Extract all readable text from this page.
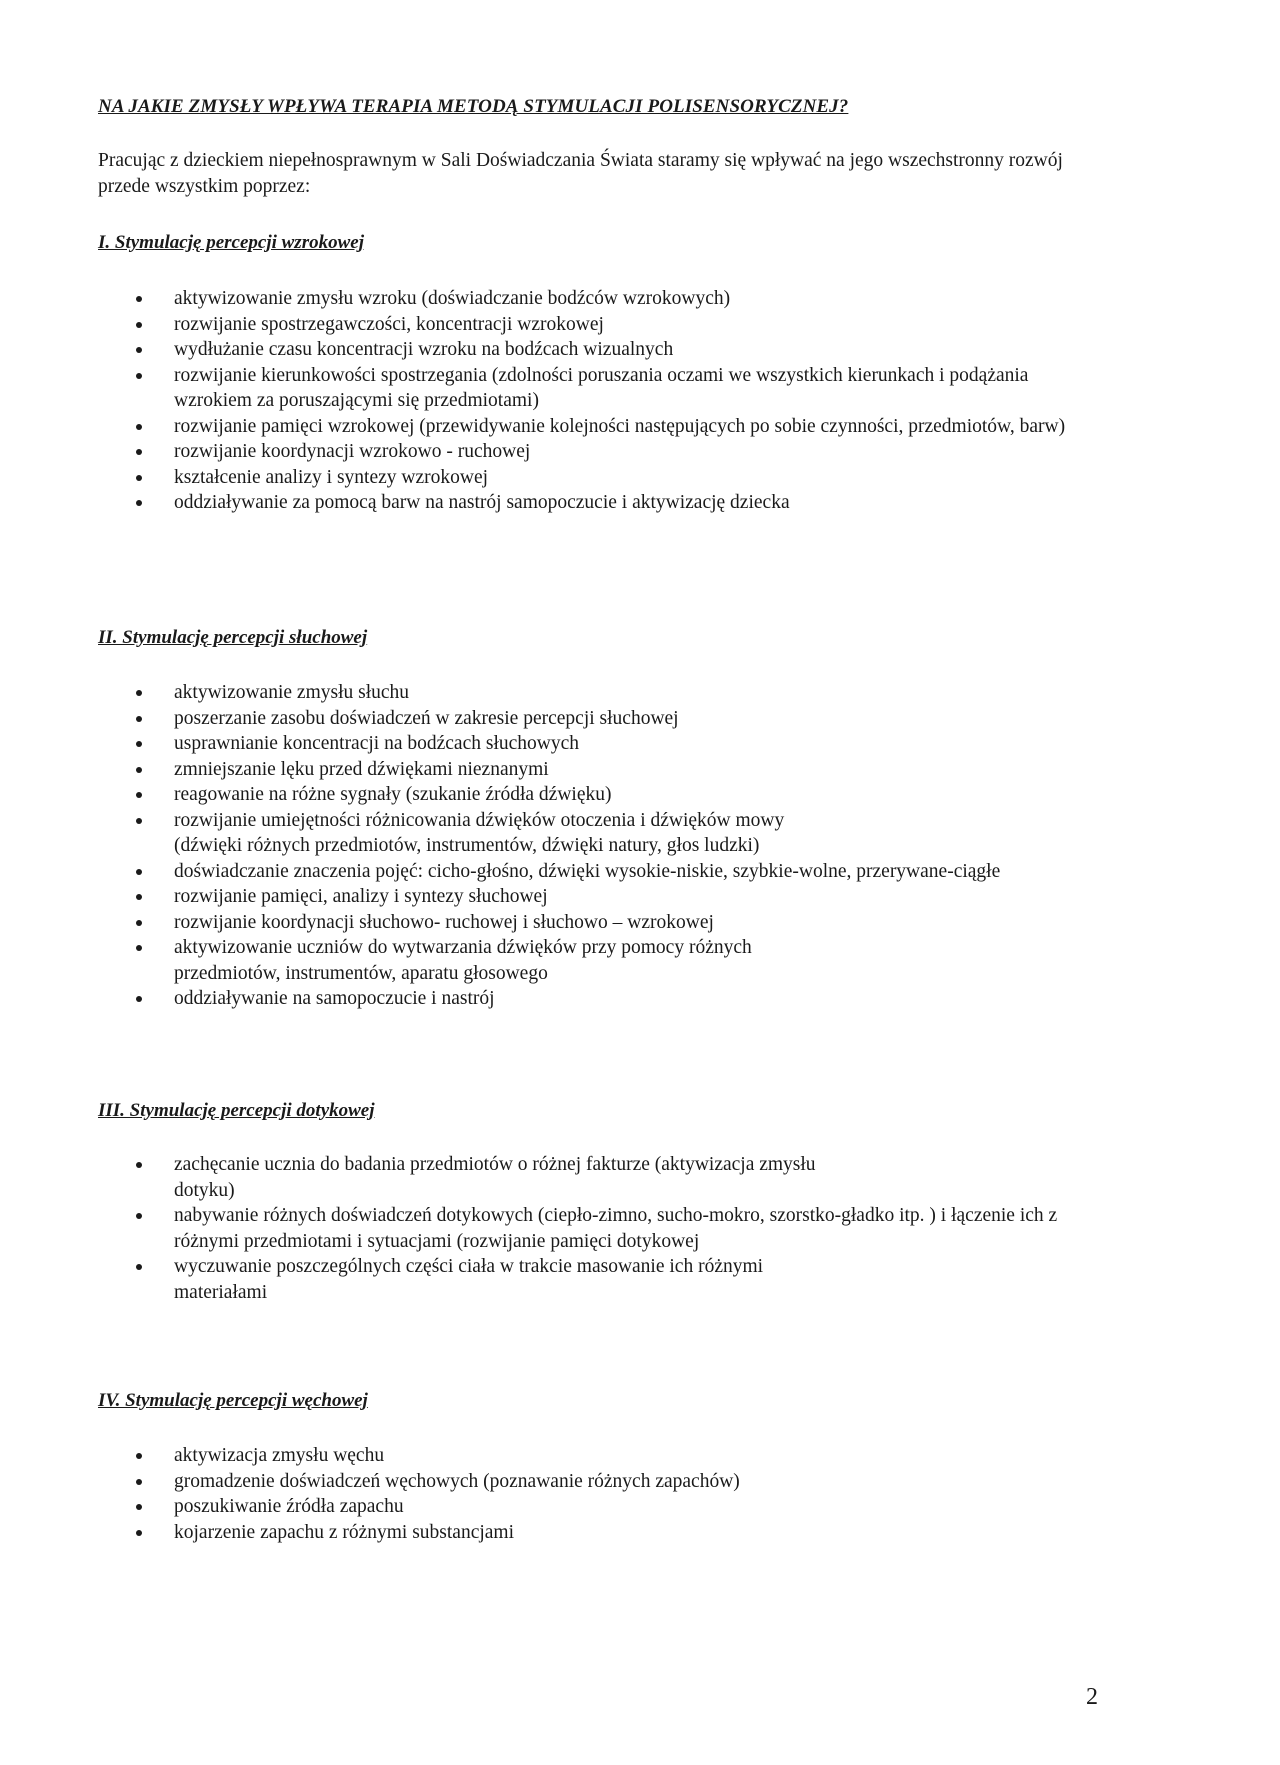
NA JAKIE ZMYSŁY WPŁYWA TERAPIA METODĄ STYMULACJI POLISENSORYCZNEJ?
Pracując z dzieckiem niepełnosprawnym w Sali Doświadczania Świata staramy się wpływać na jego wszechstronny rozwój przede wszystkim poprzez:
I. Stymulację percepcji wzrokowej
aktywizowanie zmysłu wzroku (doświadczanie bodźców wzrokowych)
rozwijanie spostrzegawczości, koncentracji wzrokowej
wydłużanie czasu koncentracji wzroku na bodźcach wizualnych
rozwijanie kierunkowości spostrzegania (zdolności poruszania oczami we wszystkich kierunkach i podążania wzrokiem za poruszającymi się przedmiotami)
rozwijanie pamięci wzrokowej (przewidywanie kolejności następujących po sobie czynności, przedmiotów, barw)
rozwijanie koordynacji wzrokowo - ruchowej
kształcenie analizy i syntezy wzrokowej
oddziaływanie za pomocą barw na nastrój samopoczucie i aktywizację dziecka
II. Stymulację percepcji słuchowej
aktywizowanie zmysłu słuchu
poszerzanie zasobu doświadczeń w zakresie percepcji słuchowej
usprawnianie koncentracji na bodźcach słuchowych
zmniejszanie lęku przed dźwiękami nieznanymi
reagowanie na różne sygnały (szukanie źródła dźwięku)
rozwijanie umiejętności różnicowania dźwięków otoczenia i dźwięków mowy (dźwięki różnych przedmiotów, instrumentów, dźwięki natury, głos ludzki)
doświadczanie znaczenia pojęć: cicho-głośno, dźwięki wysokie-niskie, szybkie-wolne, przerywane-ciągłe
rozwijanie pamięci, analizy i syntezy słuchowej
rozwijanie koordynacji słuchowo- ruchowej i słuchowo – wzrokowej
aktywizowanie uczniów do wytwarzania dźwięków przy pomocy różnych przedmiotów, instrumentów, aparatu głosowego
oddziaływanie na samopoczucie i nastrój
III. Stymulację percepcji dotykowej
zachęcanie ucznia do badania przedmiotów o różnej fakturze (aktywizacja zmysłu dotyku)
nabywanie różnych doświadczeń dotykowych (ciepło-zimno, sucho-mokro, szorstko-gładko itp. ) i łączenie ich z różnymi przedmiotami i sytuacjami (rozwijanie pamięci dotykowej
wyczuwanie poszczególnych części ciała w trakcie masowanie ich różnymi materiałami
IV. Stymulację percepcji węchowej
aktywizacja zmysłu węchu
gromadzenie doświadczeń węchowych (poznawanie różnych zapachów)
poszukiwanie źródła zapachu
kojarzenie zapachu z różnymi substancjami
2
